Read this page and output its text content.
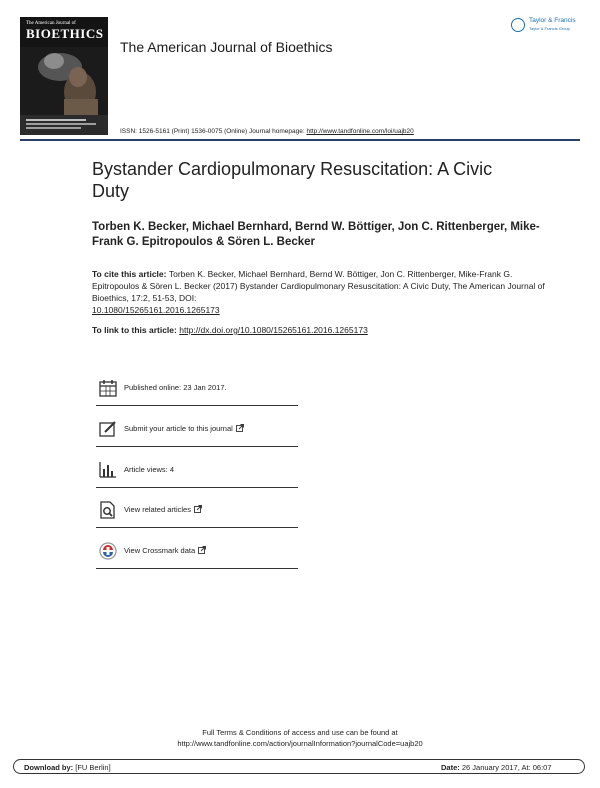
The American Journal of
BIOETHICS
The American Journal of Bioethics
Taylor & Francis
Taylor & Francis Group
ISSN: 1526-5161 (Print) 1536-0075 (Online) Journal homepage: http://www.tandfonline.com/loi/uajb20
Bystander Cardiopulmonary Resuscitation: A Civic Duty
Torben K. Becker, Michael Bernhard, Bernd W. Böttiger, Jon C. Rittenberger, Mike-Frank G. Epitropoulos & Sören L. Becker
To cite this article: Torben K. Becker, Michael Bernhard, Bernd W. Böttiger, Jon C. Rittenberger, Mike-Frank G. Epitropoulos & Sören L. Becker (2017) Bystander Cardiopulmonary Resuscitation: A Civic Duty, The American Journal of Bioethics, 17:2, 51-53, DOI:
10.1080/15265161.2016.1265173
To link to this article: http://dx.doi.org/10.1080/15265161.2016.1265173
Published online: 23 Jan 2017.
Submit your article to this journal
Article views: 4
View related articles
View Crossmark data
Full Terms & Conditions of access and use can be found at
http://www.tandfonline.com/action/journalInformation?journalCode=uajb20
Download by: [FU Berlin]	Date: 26 January 2017, At: 06:07
